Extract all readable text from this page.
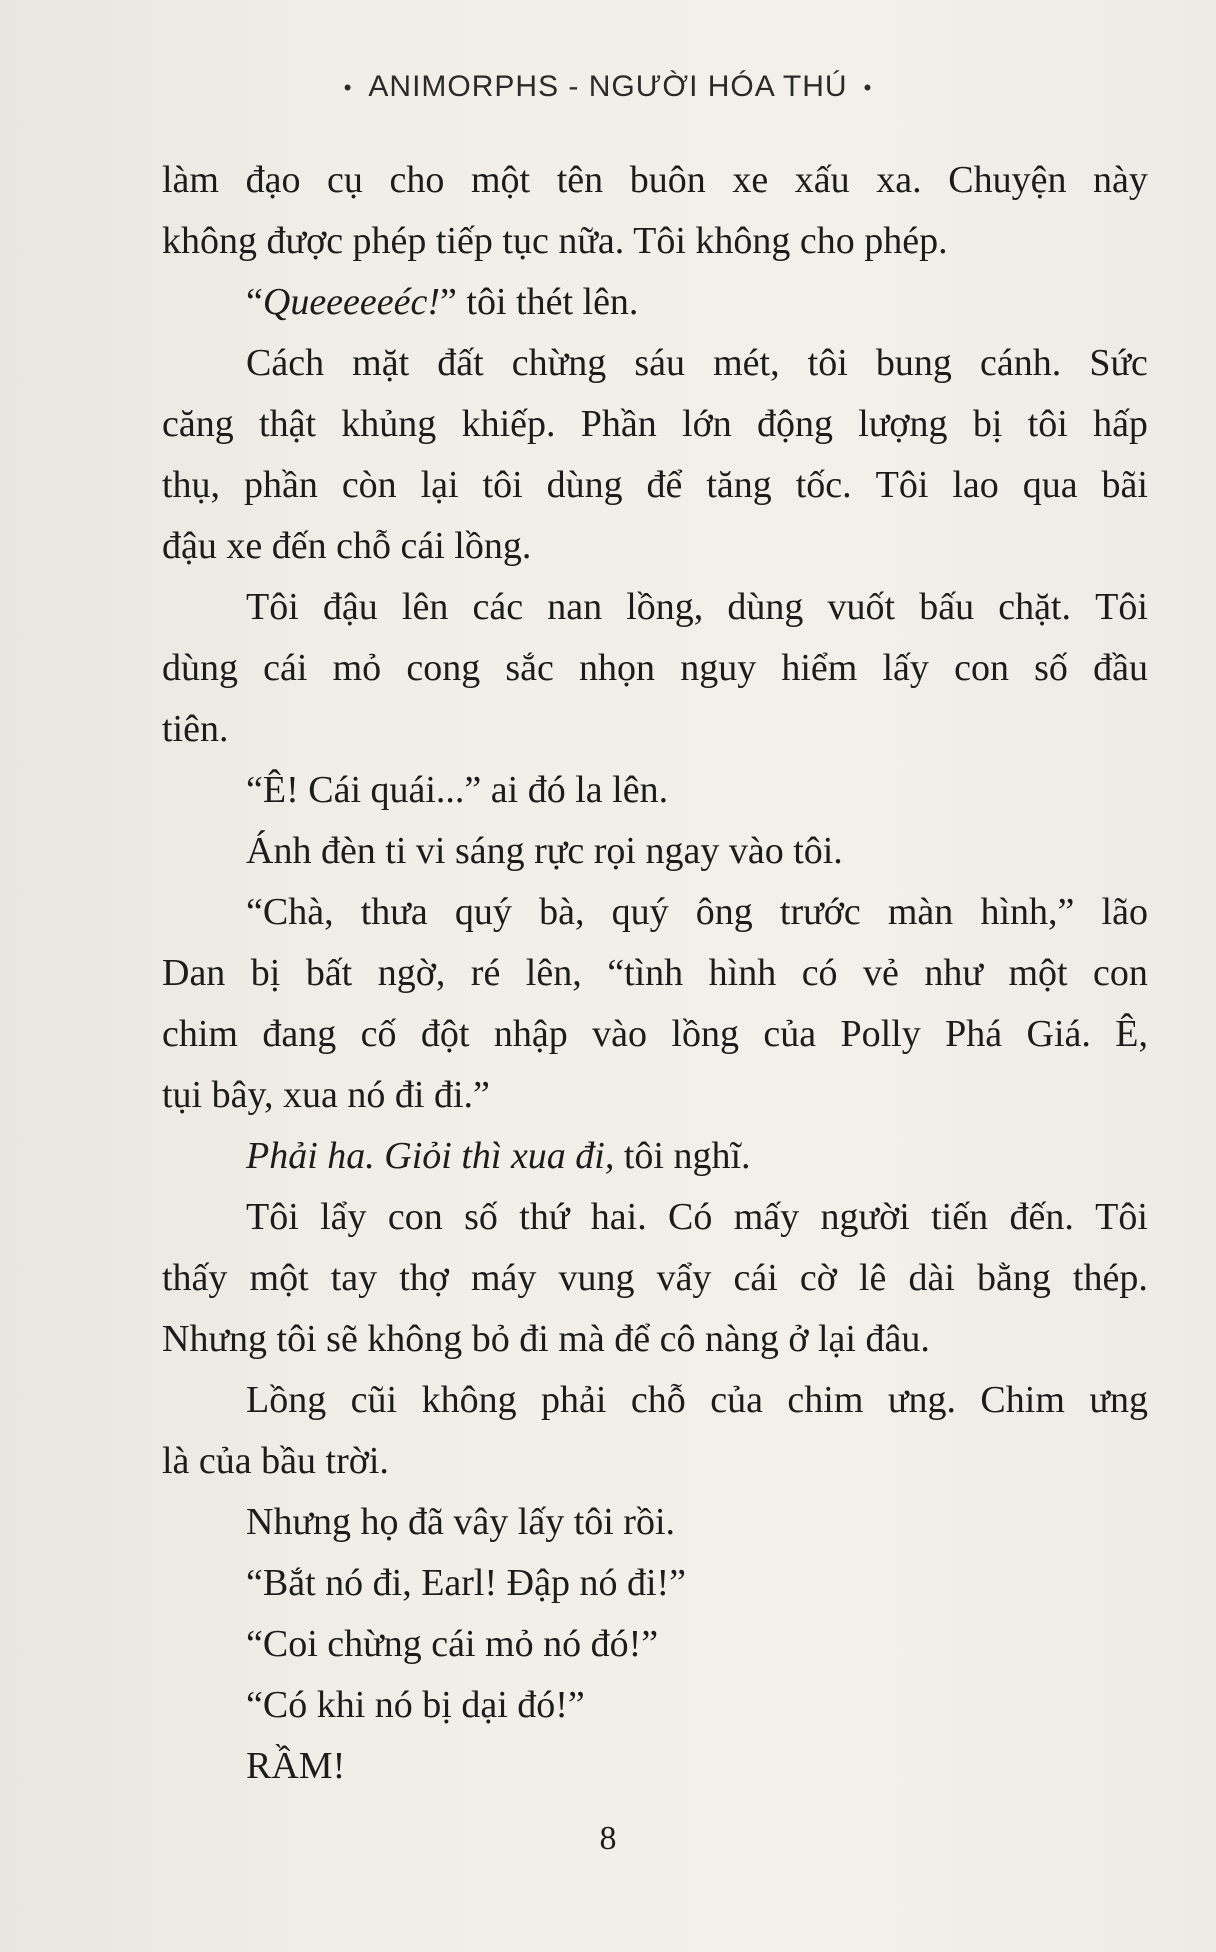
• ANIMORPHS - NGƯỜI HÓA THÚ •
làm đạo cụ cho một tên buôn xe xấu xa. Chuyện này
không được phép tiếp tục nữa. Tôi không cho phép.
“ Queeeeeéc! ” tôi thét lên.
Cách mặt đất chừng sáu mét, tôi bung cánh. Sức
căng thật khủng khiếp. Phần lớn động lượng bị tôi hấp
thụ, phần còn lại tôi dùng để tăng tốc. Tôi lao qua bãi
đậu xe đến chỗ cái lồng.
Tôi đậu lên các nan lồng, dùng vuốt bấu chặt. Tôi
dùng cái mỏ cong sắc nhọn nguy hiểm lấy con số đầu
tiên.
“Ê! Cái quái...” ai đó la lên.
Ánh đèn ti vi sáng rực rọi ngay vào tôi.
“Chà, thưa quý bà, quý ông trước màn hình,” lão
Dan bị bất ngờ, ré lên, “tình hình có vẻ như một con
chim đang cố đột nhập vào lồng của Polly Phá Giá. Ê,
tụi bây, xua nó đi đi.”
Phải ha. Giỏi thì xua đi, tôi nghĩ.
Tôi lẩy con số thứ hai. Có mấy người tiến đến. Tôi
thấy một tay thợ máy vung vẩy cái cờ lê dài bằng thép.
Nhưng tôi sẽ không bỏ đi mà để cô nàng ở lại đâu.
Lồng cũi không phải chỗ của chim ưng. Chim ưng
là của bầu trời.
Nhưng họ đã vây lấy tôi rồi.
“Bắt nó đi, Earl! Đập nó đi!”
“Coi chừng cái mỏ nó đó!”
“Có khi nó bị dại đó!”
RẦM!
8
